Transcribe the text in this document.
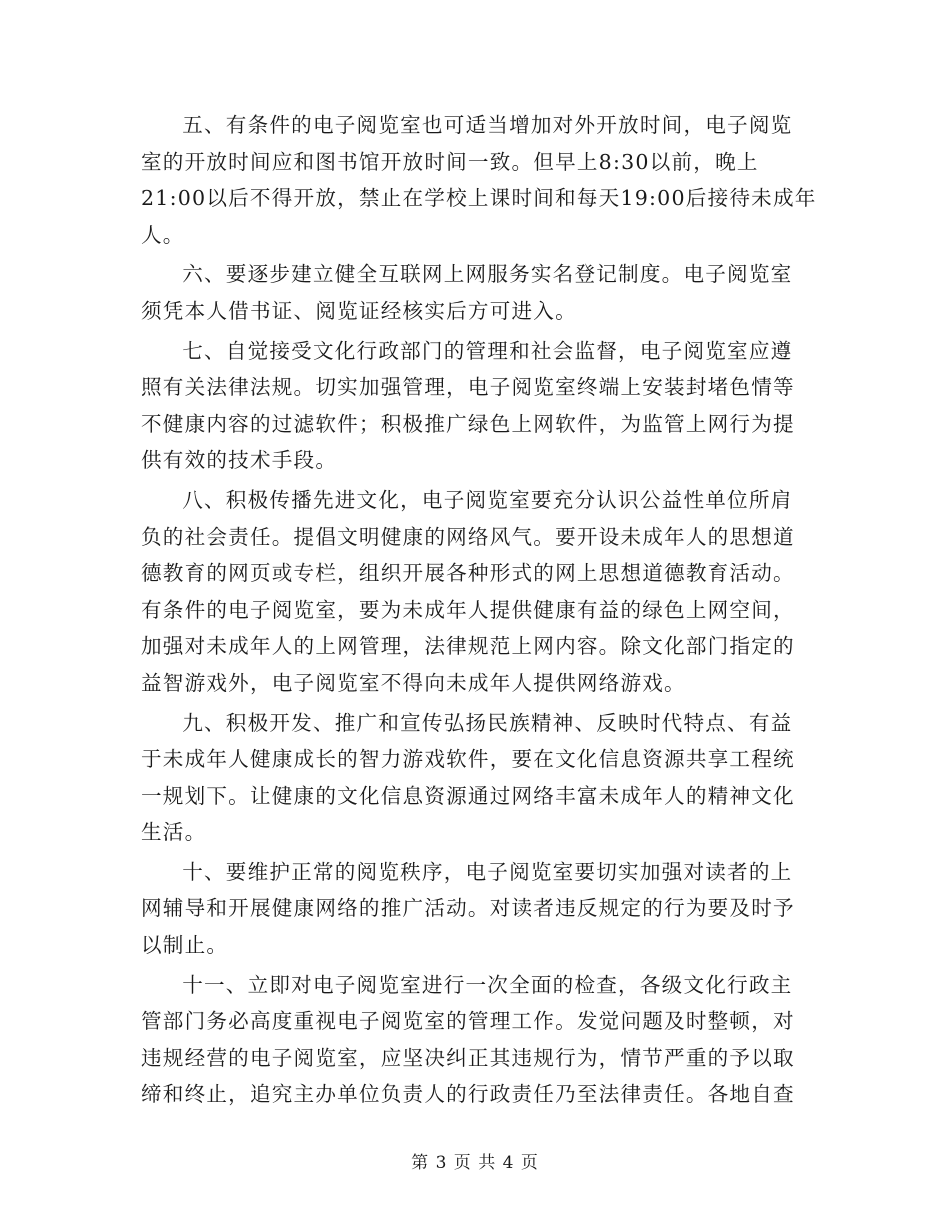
五、有条件的电子阅览室也可适当增加对外开放时间，电子阅览
室的开放时间应和图书馆开放时间一致。但早上8:30以前，晚上
21:00以后不得开放，禁止在学校上课时间和每天19:00后接待未成年
人。

六、要逐步建立健全互联网上网服务实名登记制度。电子阅览室
须凭本人借书证、阅览证经核实后方可进入。

七、自觉接受文化行政部门的管理和社会监督，电子阅览室应遵
照有关法律法规。切实加强管理，电子阅览室终端上安装封堵色情等
不健康内容的过滤软件；积极推广绿色上网软件，为监管上网行为提
供有效的技术手段。

八、积极传播先进文化，电子阅览室要充分认识公益性单位所肩
负的社会责任。提倡文明健康的网络风气。要开设未成年人的思想道
德教育的网页或专栏，组织开展各种形式的网上思想道德教育活动。
有条件的电子阅览室，要为未成年人提供健康有益的绿色上网空间，
加强对未成年人的上网管理，法律规范上网内容。除文化部门指定的
益智游戏外，电子阅览室不得向未成年人提供网络游戏。

九、积极开发、推广和宣传弘扬民族精神、反映时代特点、有益
于未成年人健康成长的智力游戏软件，要在文化信息资源共享工程统
一规划下。让健康的文化信息资源通过网络丰富未成年人的精神文化
生活。

十、要维护正常的阅览秩序，电子阅览室要切实加强对读者的上
网辅导和开展健康网络的推广活动。对读者违反规定的行为要及时予
以制止。

十一、立即对电子阅览室进行一次全面的检查，各级文化行政主
管部门务必高度重视电子阅览室的管理工作。发觉问题及时整顿，对
违规经营的电子阅览室，应坚决纠正其违规行为，情节严重的予以取
缔和终止，追究主办单位负责人的行政责任乃至法律责任。各地自查

第 3 页 共 4 页
